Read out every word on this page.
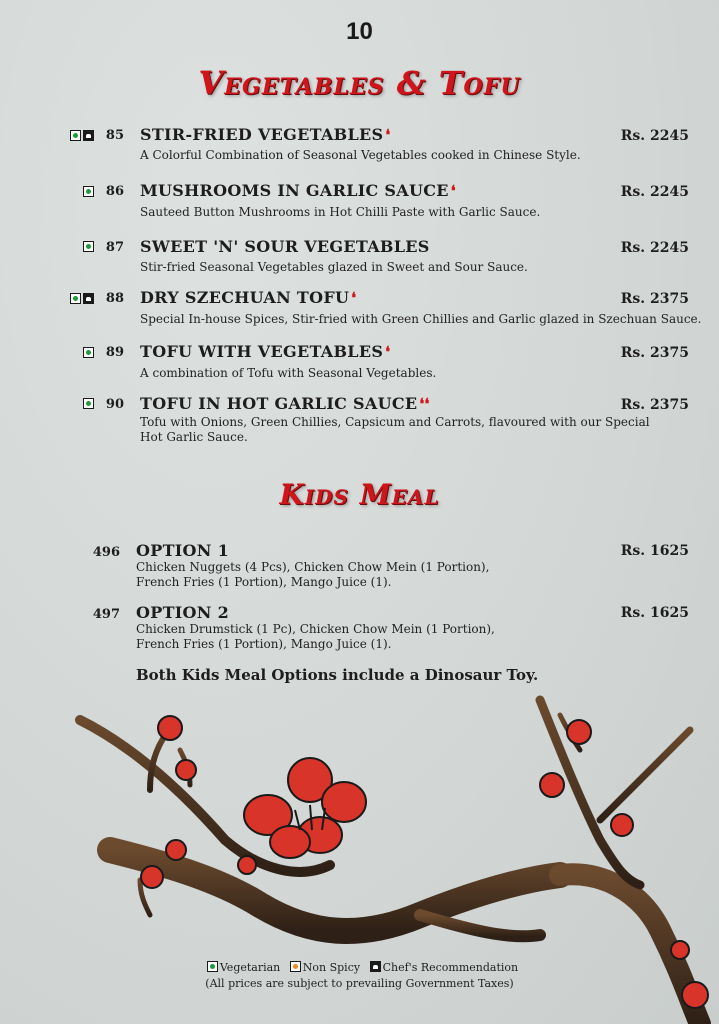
10
Vegetables & Tofu
85 STIR-FRIED VEGETABLES ❛	Rs. 2245
A Colorful Combination of Seasonal Vegetables cooked in Chinese Style.
86 MUSHROOMS IN GARLIC SAUCE ❛	Rs. 2245
Sauteed Button Mushrooms in Hot Chilli Paste with Garlic Sauce.
87 SWEET 'N' SOUR VEGETABLES	Rs. 2245
Stir-fried Seasonal Vegetables glazed in Sweet and Sour Sauce.
88 DRY SZECHUAN TOFU ❛	Rs. 2375
Special In-house Spices, Stir-fried with Green Chillies and Garlic glazed in Szechuan Sauce.
89 TOFU WITH VEGETABLES ❛	Rs. 2375
A combination of Tofu with Seasonal Vegetables.
90 TOFU IN HOT GARLIC SAUCE ❛❛	Rs. 2375
Tofu with Onions, Green Chillies, Capsicum and Carrots, flavoured with our Special
Hot Garlic Sauce.
Kids Meal
496 OPTION 1	Rs. 1625
Chicken Nuggets (4 Pcs), Chicken Chow Mein (1 Portion),
French Fries (1 Portion), Mango Juice (1).
497 OPTION 2	Rs. 1625
Chicken Drumstick (1 Pc), Chicken Chow Mein (1 Portion),
French Fries (1 Portion), Mango Juice (1).
Both Kids Meal Options include a Dinosaur Toy.
Vegetarian Non Spicy Chef's Recommendation
(All prices are subject to prevailing Government Taxes)
